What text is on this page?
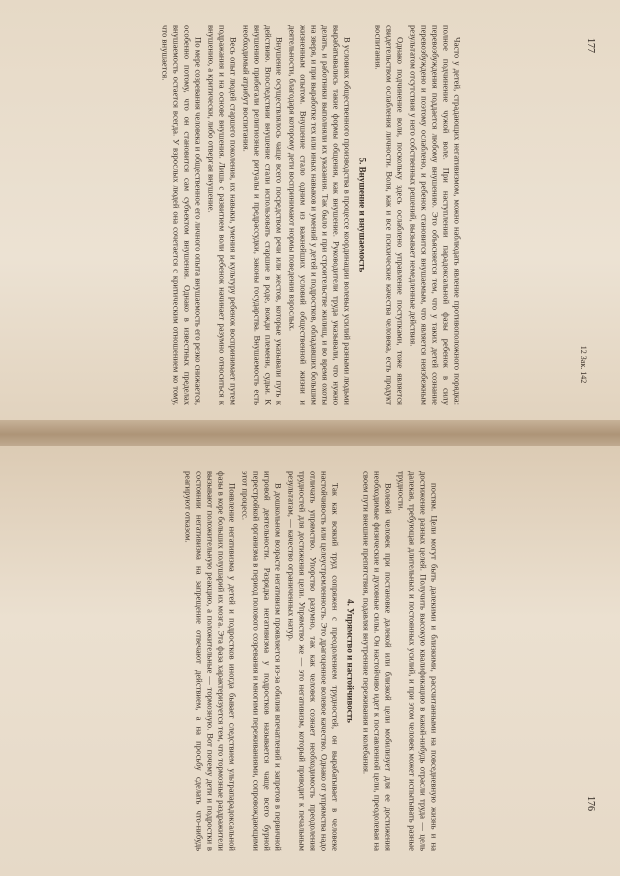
Часто у детей, страдающих негативизмом, можно наблюдать явление противоположного порядка: полное подчинение чужой воле. При наступлении парадоксальной фазы ребенок в силу перевозбуждения поддается любому внушению. Это объясняется тем, что у таких детей сознание перевозбуждено и поэтому ослаблено, и ребенок становится внушаемым, что является неизбежным результатом отсутствия у него собственных решений, вызывает немедленные действия.

Однако подчинение воли, поскольку здесь ослаблено управление поступками, тоже является свидетельством ослабления личности. Воля, как и все психические качества человека, есть продукт воспитания.

5. Внушение и внушаемость

В условиях общественного производства в процессе координации волевых усилий разными людьми вырабатывались такие формы общения, как внушение. Руководители труда указывали, что нужно делать, и работники выполняли их указания. Так было и при строительстве жилищ, и во время охоты на зверя, и при выработке тех или иных навыков и умений у детей и подростков, обладавших большим жизненным опытом. Внушение стало одним из важнейших условий общественной жизни и деятельности, благодаря которому дети воспринимают нормы поведения взрослых.

Внушение осуществлялось чаще всего посредством речи или жестов, которые указывали путь к действию. Впоследствии внушение стали использовать старшие в роде, вожди племени, судьи. К внушению прибегали религиозные ритуалы и предрассудки, законы государства. Внушаемость есть необходимый атрибут воспитания.

Весь опыт людей старшего поколения, их навыки, умения и культуру ребенок воспринимает путем подражания и на основе внушения. Лишь с развитием воли ребенок начинает разумно относиться к внушению, а критически, либо отвергая внушение.

По мере созревания человека и общественное его личного опыта внушаемость его резко снижается, особенно потому, что он становится сам субъектом внушения. Однако в известных пределах внушаемость остается всегда. У взрослых людей она сочетается с критическим отношением ко тому, что внушается.	177
12 Зак. 142

постям. Цели могут быть далекими и близкими, рассчитанными на повседневную жизнь и на достижение разных целей. Получить высокую квалификацию в какой-нибудь отрасли труда — цель далекая, требующая длительных и постоянных усилий, и при этом человек может испытывать разные трудности.

Волевой человек при постановке далекой или близкой цели мобилизует для ее достижения необходимые физические и духовные силы. Он настойчиво идет к поставленной цели, преодолевая на своем пути внешние препятствия, подавляя внутренние переживания и колебания.

4. Упрямство и настойчивость

Так как всякий труд сопряжен с преодолением трудностей, он вырабатывает в человеке настойчивость или целеустремленность. Это драгоценное волевое качество. Однако от упрямства надо отличать упрямство. Упорство разумно, так как человек сознает необходимость преодоления трудностей для достижения цели. Упрямство же — это негативизм, который приводит к печальным результатам, — качество ограниченных натур.

В дошкольном возрасте негативизм проявляется из-за обилия впечатлений и запретов в первичной игровой деятельности. Разрядка негативизма у подростков называется чаще всего бурной перестройкой организма в период полового созревания и многими переживаниями, сопровождающими этот процесс.

Появление негативизма у детей и подростков иногда бывает следствием ультрапарадоксальной фазы в коре больших полушарий их мозга. Эта фаза характеризуется тем, что тормозные раздражители вызывают положительную реакцию, а положительные — тормозную. Вот почему дети и подростки в состоянии негативизма на запрещение отвечают действием, а на просьбу сделать что-нибудь реагируют отказом.

176
